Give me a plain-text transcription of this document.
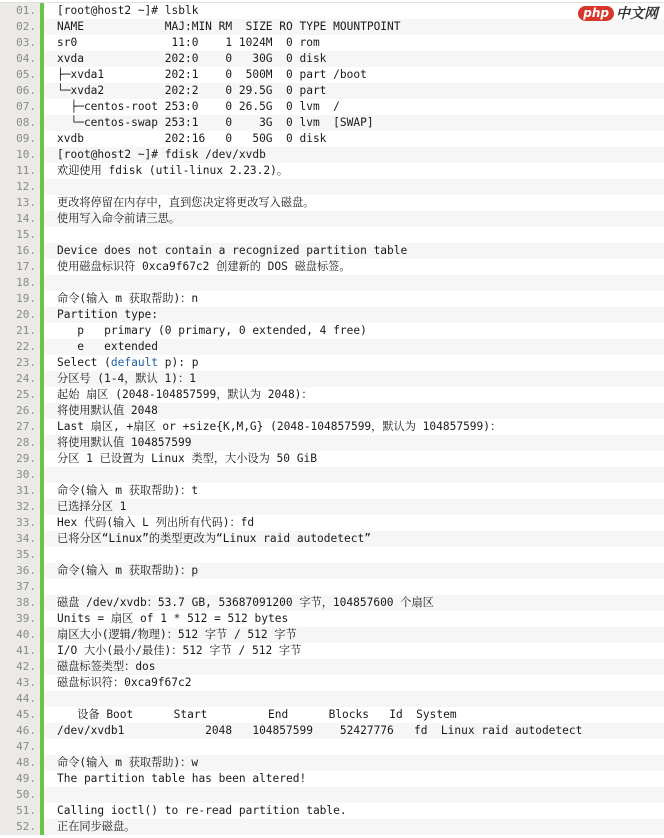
01.	[root@host2 ~]# lsblk
02.	NAME            MAJ:MIN RM  SIZE RO TYPE MOUNTPOINT
03.	sr0              11:0    1 1024M  0 rom
04.	xvda            202:0    0   30G  0 disk
05.	├─xvda1         202:1    0  500M  0 part /boot
06.	└─xvda2         202:2    0 29.5G  0 part
07.	├─centos-root 253:0    0 26.5G  0 lvm  /
08.	└─centos-swap 253:1    0    3G  0 lvm  [SWAP]
09.	xvdb            202:16   0   50G  0 disk
10.	[root@host2 ~]# fdisk /dev/xvdb
11.	欢迎使用 fdisk (util-linux 2.23.2)。
12.
13.	更改将停留在内存中，直到您决定将更改写入磁盘。
14.	使用写入命令前请三思。
15.
16.	Device does not contain a recognized partition table
17.	使用磁盘标识符 0xca9f67c2 创建新的 DOS 磁盘标签。
18.
19.	命令(输入 m 获取帮助)：n
20.	Partition type:
21.	p   primary (0 primary, 0 extended, 4 free)
22.	e   extended
23.	Select (default p): p
24.	分区号 (1-4，默认 1)：1
25.	起始 扇区 (2048-104857599，默认为 2048)：
26.	将使用默认值 2048
27.	Last 扇区, +扇区 or +size{K,M,G} (2048-104857599，默认为 104857599)：
28.	将使用默认值 104857599
29.	分区 1 已设置为 Linux 类型，大小设为 50 GiB
30.
31.	命令(输入 m 获取帮助)：t
32.	已选择分区 1
33.	Hex 代码(输入 L 列出所有代码)：fd
34.	已将分区“Linux”的类型更改为“Linux raid autodetect”
35.
36.	命令(输入 m 获取帮助)：p
37.
38.	磁盘 /dev/xvdb：53.7 GB, 53687091200 字节，104857600 个扇区
39.	Units = 扇区 of 1 * 512 = 512 bytes
40.	扇区大小(逻辑/物理)：512 字节 / 512 字节
41.	I/O 大小(最小/最佳)：512 字节 / 512 字节
42.	磁盘标签类型：dos
43.	磁盘标识符：0xca9f67c2
44.
45.	设备 Boot      Start         End      Blocks   Id  System
46.	/dev/xvdb1            2048   104857599    52427776   fd  Linux raid autodetect
47.
48.	命令(输入 m 获取帮助)：w
49.	The partition table has been altered!
50.
51.	Calling ioctl() to re-read partition table.
52.	正在同步磁盘。
php 中文网
